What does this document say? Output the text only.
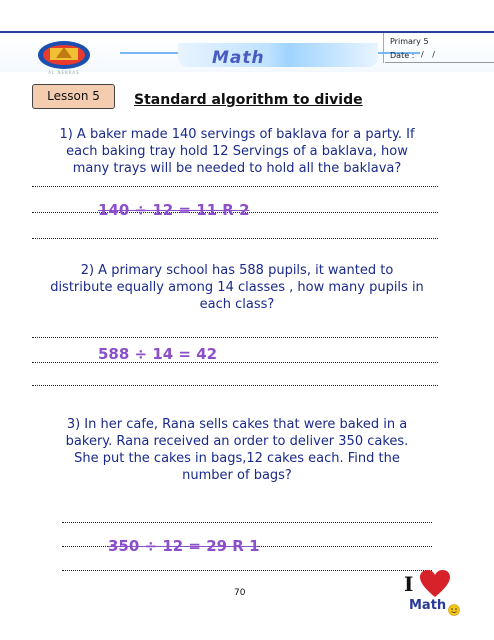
AL NEBRAS
Math
Primary 5
Date : / /
Lesson 5	Standard algorithm to divide
1) A baker made 140 servings of baklava for a party. If
each baking tray hold 12 Servings of a baklava, how
many trays will be needed to hold all the baklava?
140 ÷ 12 = 11 R 2
2) A primary school has 588 pupils, it wanted to
distribute equally among 14 classes , how many pupils in
each class?
588 ÷ 14 = 42
3) In her cafe, Rana sells cakes that were baked in a
bakery. Rana received an order to deliver 350 cakes.
She put the cakes in bags,12 cakes each. Find the
number of bags?
350 ÷ 12 = 29 R 1
70	I
Math
